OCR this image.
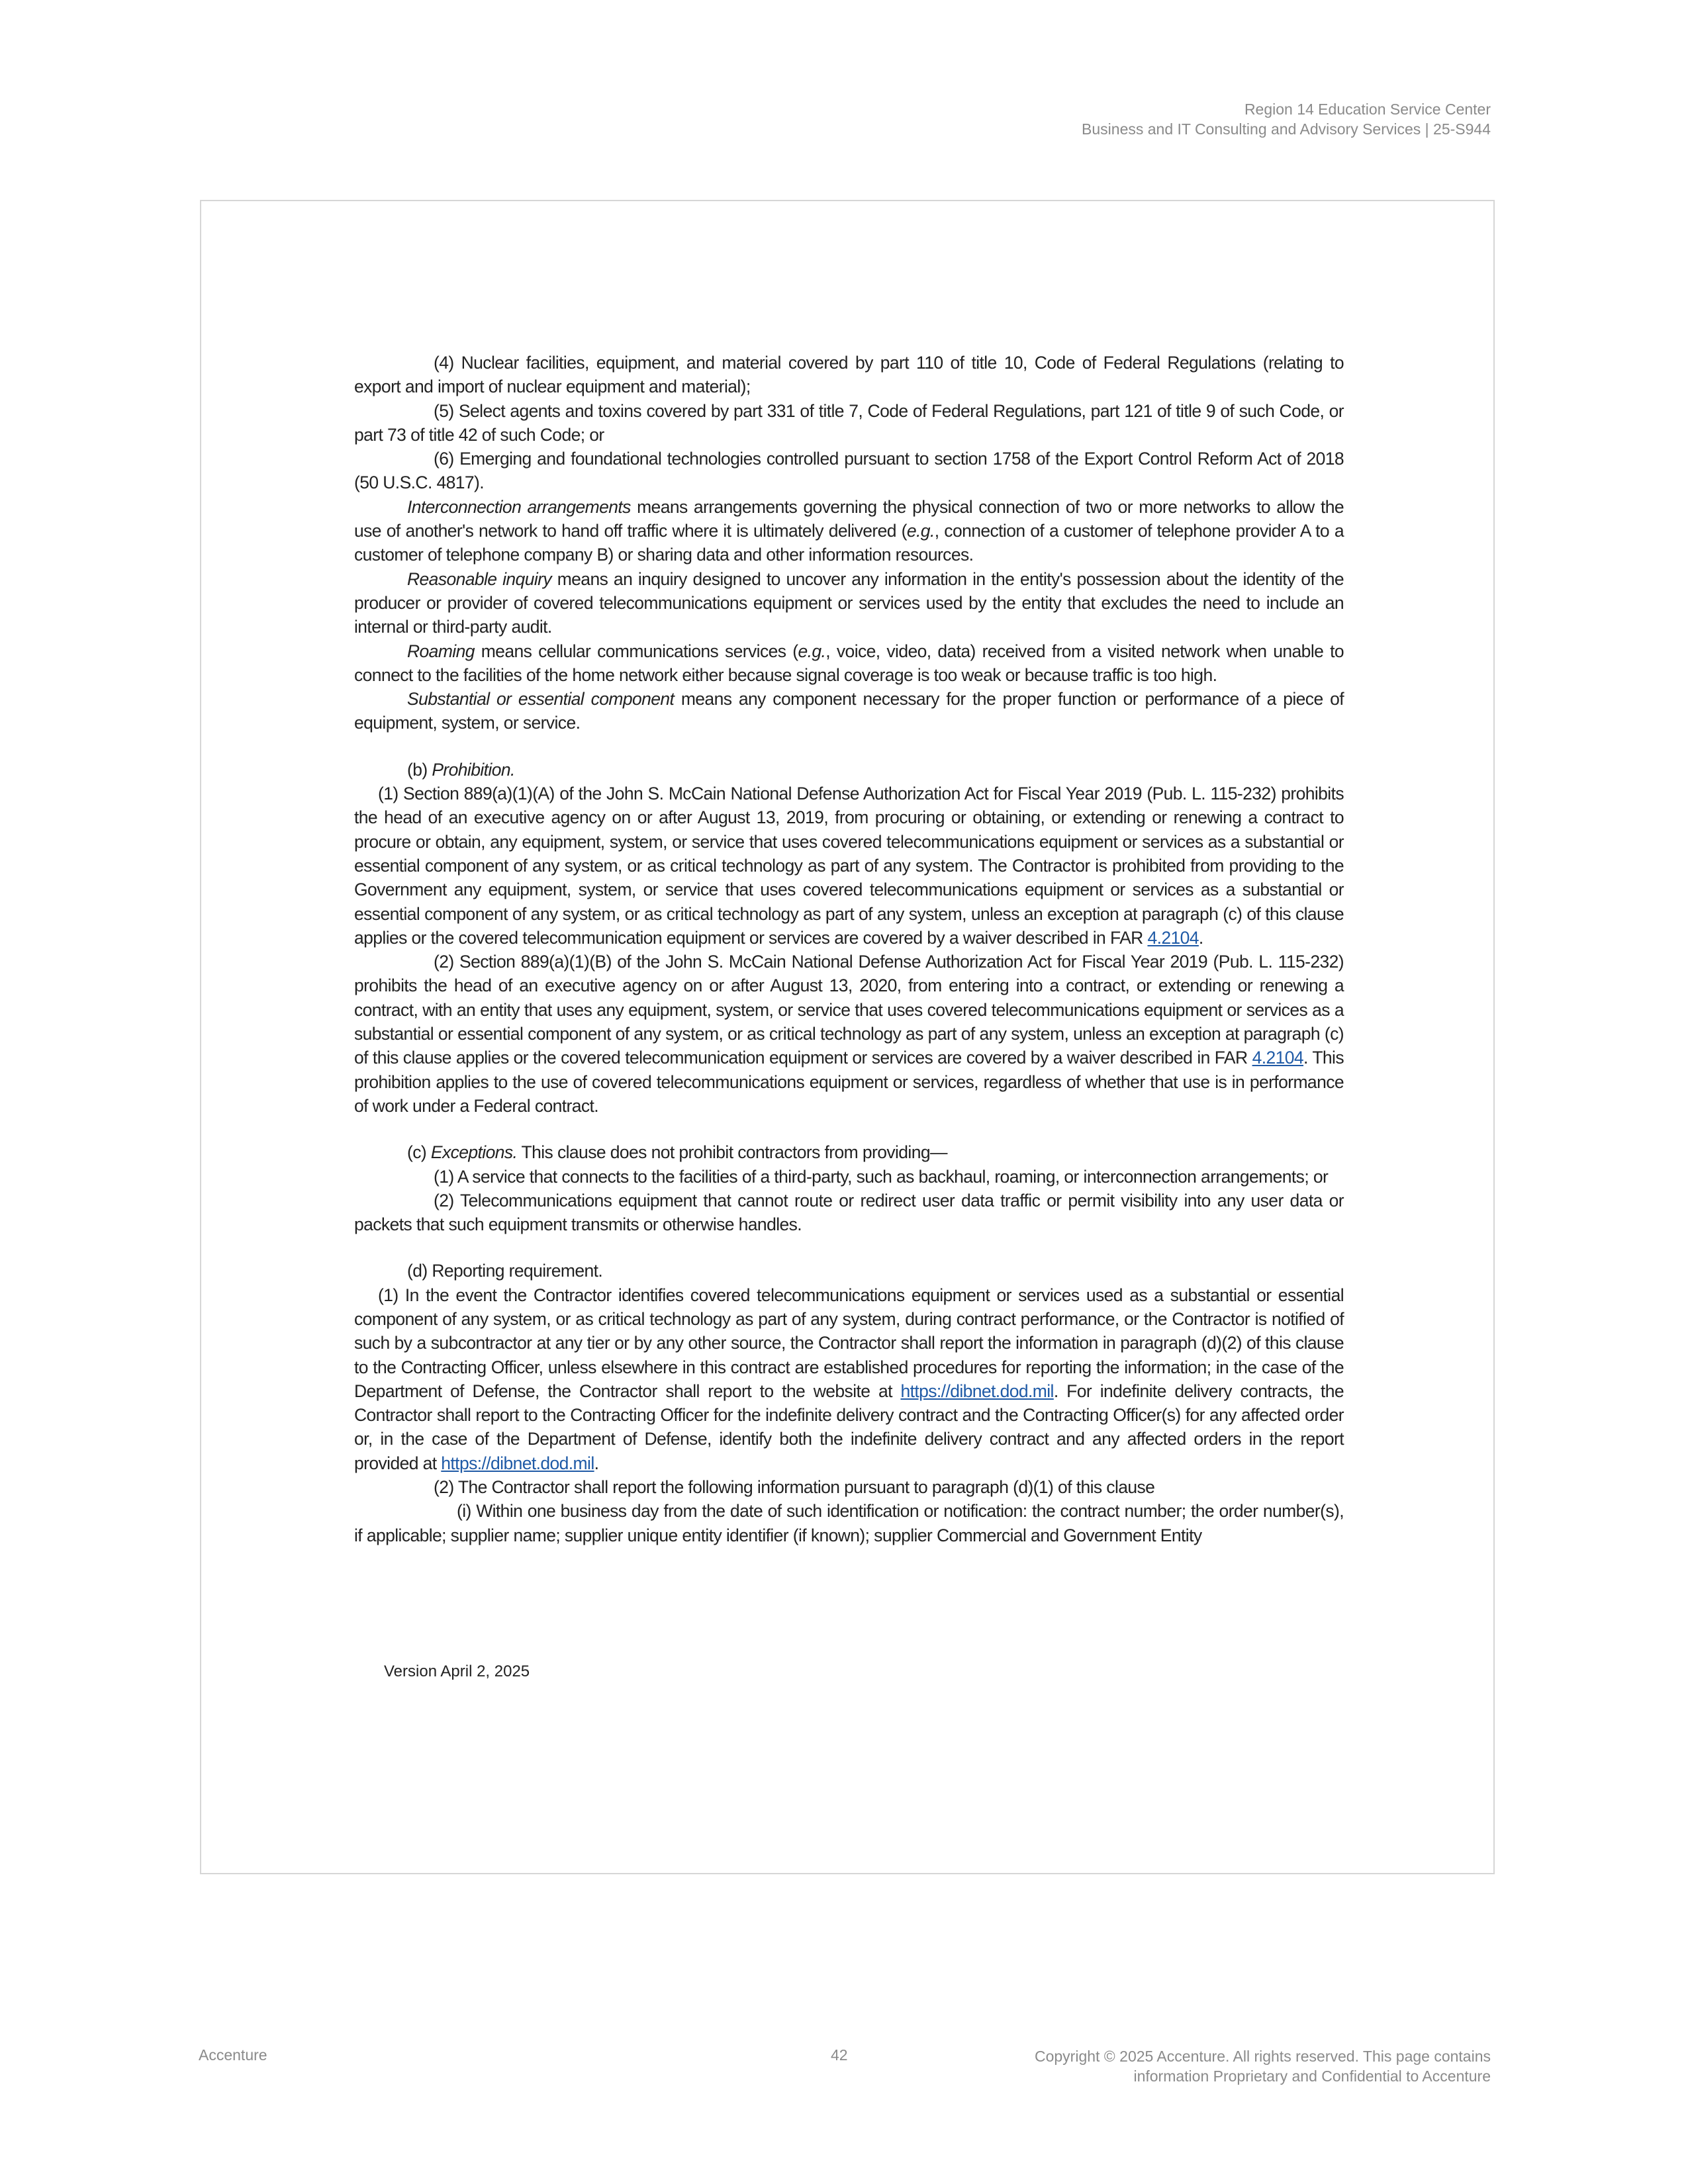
Region 14 Education Service Center
Business and IT Consulting and Advisory Services | 25-S944

(4) Nuclear facilities, equipment, and material covered by part 110 of title 10, Code of Federal Regulations (relating to export and import of nuclear equipment and material);

(5) Select agents and toxins covered by part 331 of title 7, Code of Federal Regulations, part 121 of title 9 of such Code, or part 73 of title 42 of such Code; or

(6) Emerging and foundational technologies controlled pursuant to section 1758 of the Export Control Reform Act of 2018 (50 U.S.C. 4817).

Interconnection arrangements means arrangements governing the physical connection of two or more networks to allow the use of another's network to hand off traffic where it is ultimately delivered (e.g., connection of a customer of telephone provider A to a customer of telephone company B) or sharing data and other information resources.

Reasonable inquiry means an inquiry designed to uncover any information in the entity's possession about the identity of the producer or provider of covered telecommunications equipment or services used by the entity that excludes the need to include an internal or third-party audit.

Roaming means cellular communications services (e.g., voice, video, data) received from a visited network when unable to connect to the facilities of the home network either because signal coverage is too weak or because traffic is too high.

Substantial or essential component means any component necessary for the proper function or performance of a piece of equipment, system, or service.

(b) Prohibition.

(1) Section 889(a)(1)(A) of the John S. McCain National Defense Authorization Act for Fiscal Year 2019 (Pub. L. 115-232) prohibits the head of an executive agency on or after August 13, 2019, from procuring or obtaining, or extending or renewing a contract to procure or obtain, any equipment, system, or service that uses covered telecommunications equipment or services as a substantial or essential component of any system, or as critical technology as part of any system. The Contractor is prohibited from providing to the Government any equipment, system, or service that uses covered telecommunications equipment or services as a substantial or essential component of any system, or as critical technology as part of any system, unless an exception at paragraph (c) of this clause applies or the covered telecommunication equipment or services are covered by a waiver described in FAR 4.2104.

(2) Section 889(a)(1)(B) of the John S. McCain National Defense Authorization Act for Fiscal Year 2019 (Pub. L. 115-232) prohibits the head of an executive agency on or after August 13, 2020, from entering into a contract, or extending or renewing a contract, with an entity that uses any equipment, system, or service that uses covered telecommunications equipment or services as a substantial or essential component of any system, or as critical technology as part of any system, unless an exception at paragraph (c) of this clause applies or the covered telecommunication equipment or services are covered by a waiver described in FAR 4.2104. This prohibition applies to the use of covered telecommunications equipment or services, regardless of whether that use is in performance of work under a Federal contract.

(c) Exceptions. This clause does not prohibit contractors from providing—

(1) A service that connects to the facilities of a third-party, such as backhaul, roaming, or interconnection arrangements; or

(2) Telecommunications equipment that cannot route or redirect user data traffic or permit visibility into any user data or packets that such equipment transmits or otherwise handles.

(d) Reporting requirement.

(1) In the event the Contractor identifies covered telecommunications equipment or services used as a substantial or essential component of any system, or as critical technology as part of any system, during contract performance, or the Contractor is notified of such by a subcontractor at any tier or by any other source, the Contractor shall report the information in paragraph (d)(2) of this clause to the Contracting Officer, unless elsewhere in this contract are established procedures for reporting the information; in the case of the Department of Defense, the Contractor shall report to the website at https://dibnet.dod.mil. For indefinite delivery contracts, the Contractor shall report to the Contracting Officer for the indefinite delivery contract and the Contracting Officer(s) for any affected order or, in the case of the Department of Defense, identify both the indefinite delivery contract and any affected orders in the report provided at https://dibnet.dod.mil.

(2) The Contractor shall report the following information pursuant to paragraph (d)(1) of this clause

(i) Within one business day from the date of such identification or notification: the contract number; the order number(s), if applicable; supplier name; supplier unique entity identifier (if known); supplier Commercial and Government Entity

Version April 2, 2025
Accenture	42	Copyright © 2025 Accenture. All rights reserved. This page contains
information Proprietary and Confidential to Accenture
